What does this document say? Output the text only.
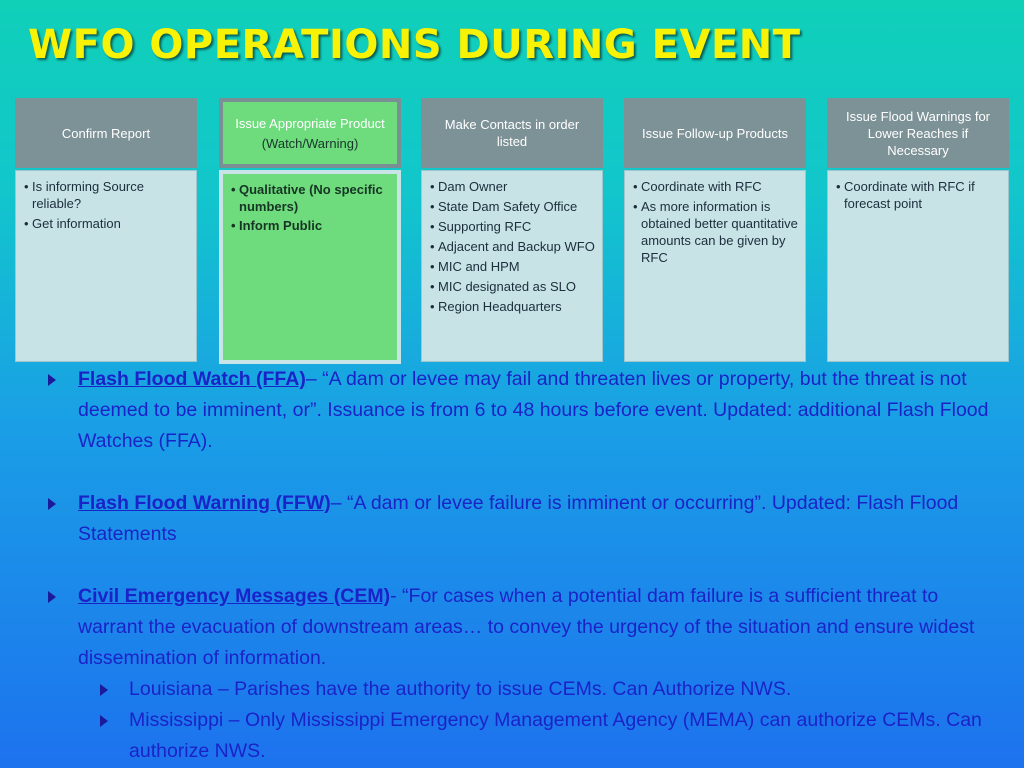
WFO OPERATIONS DURING EVENT
Confirm Report
• Is informing Source reliable?
• Get information
Issue Appropriate Product
(Watch/Warning)
• Qualitative (No specific numbers)
• Inform Public
Make Contacts in order listed
• Dam Owner
• State Dam Safety Office
• Supporting RFC
• Adjacent and Backup WFO
• MIC and HPM
• MIC designated as SLO
• Region Headquarters
Issue Follow-up Products
• Coordinate with RFC
• As more information is obtained better quantitative amounts can be given by RFC
Issue Flood Warnings for Lower Reaches if Necessary
• Coordinate with RFC if forecast point
Flash Flood Watch (FFA)– “A dam or levee may fail and threaten lives or property, but the threat is not deemed to be imminent, or”. Issuance is from 6 to 48 hours before event. Updated: additional Flash Flood Watches (FFA).
Flash Flood Warning (FFW)– “A dam or levee failure is imminent or occurring”. Updated: Flash Flood Statements
Civil Emergency Messages (CEM)- “For cases when a potential dam failure is a sufficient threat to warrant the evacuation of downstream areas… to convey the urgency of the situation and ensure widest dissemination of information.
Louisiana – Parishes have the authority to issue CEMs. Can Authorize NWS.
Mississippi – Only Mississippi Emergency Management Agency (MEMA) can authorize CEMs. Can authorize NWS.
